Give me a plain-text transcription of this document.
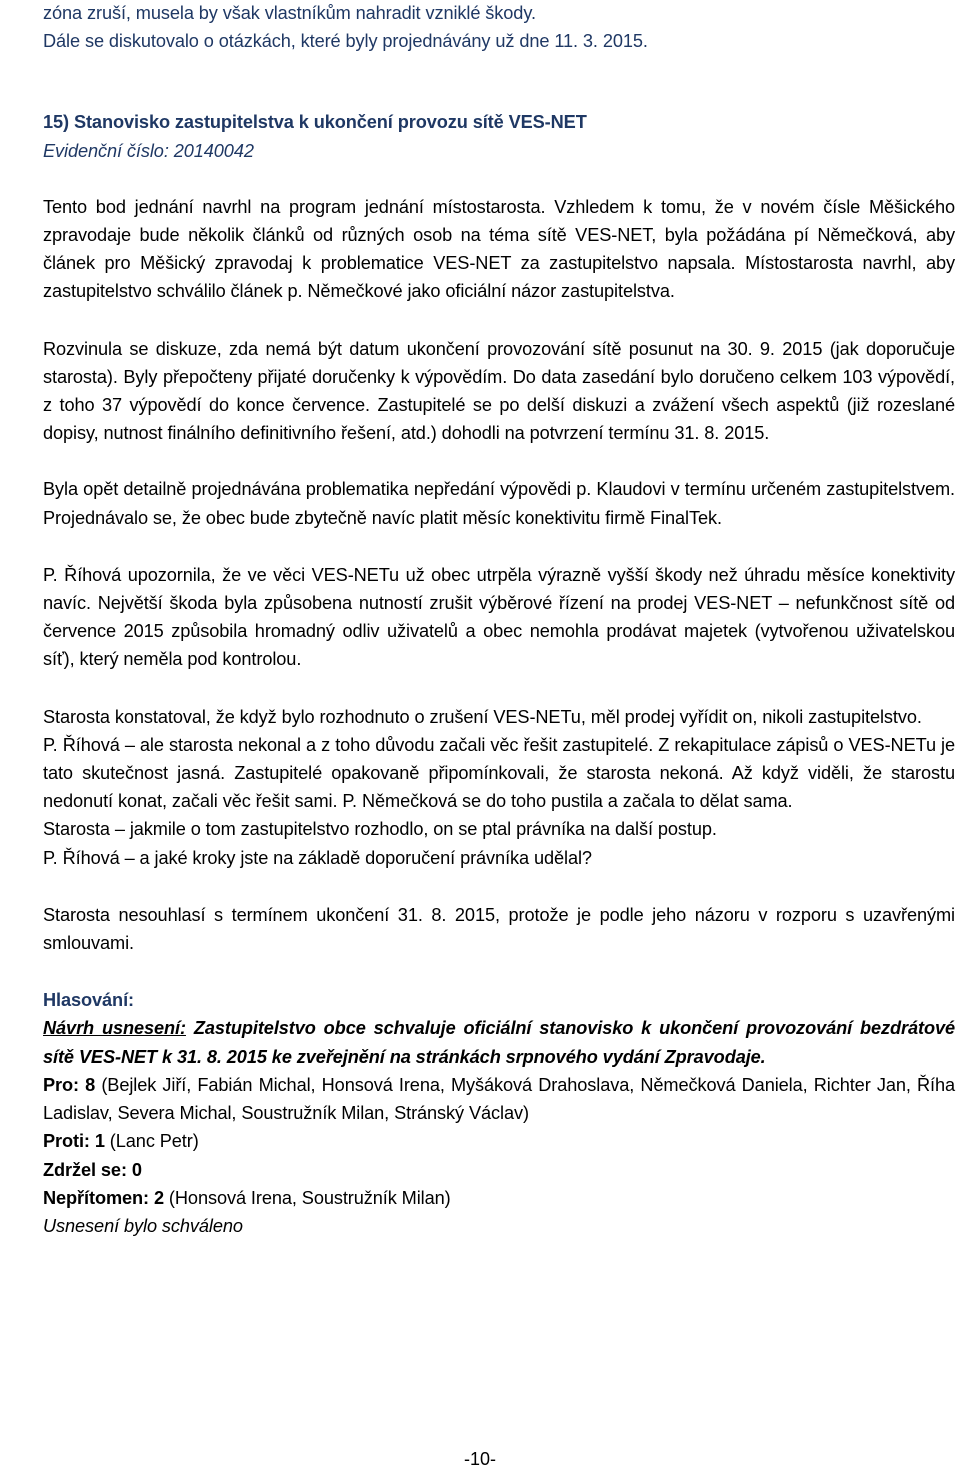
zóna zruší, musela by však vlastníkům nahradit vzniklé škody.

Dále se diskutovalo o otázkách, které byly projednávány už dne 11. 3. 2015.

15) Stanovisko zastupitelstva k ukončení provozu sítě VES-NET

Evidenční číslo: 20140042

Tento bod jednání navrhl na program jednání místostarosta. Vzhledem k tomu, že v novém čísle Měšického zpravodaje bude několik článků od různých osob na téma sítě VES-NET, byla požádána pí Němečková, aby článek pro Měšický zpravodaj k problematice VES-NET za zastupitelstvo napsala. Místostarosta navrhl, aby zastupitelstvo schválilo článek p. Němečkové jako oficiální názor zastupitelstva.

Rozvinula se diskuze, zda nemá být datum ukončení provozování sítě posunut na 30. 9. 2015 (jak doporučuje starosta). Byly přepočteny přijaté doručenky k výpovědím. Do data zasedání bylo doručeno celkem 103 výpovědí, z toho 37 výpovědí do konce července. Zastupitelé se po delší diskuzi a zvážení všech aspektů (již rozeslané dopisy, nutnost finálního definitivního řešení, atd.) dohodli na potvrzení termínu 31. 8. 2015.

Byla opět detailně projednávána problematika nepředání výpovědi p. Klaudovi v termínu určeném zastupitelstvem. Projednávalo se, že obec bude zbytečně navíc platit měsíc konektivitu firmě FinalTek.

P. Říhová upozornila, že ve věci VES-NETu už obec utrpěla výrazně vyšší škody než úhradu měsíce konektivity navíc. Největší škoda byla způsobena nutností zrušit výběrové řízení na prodej VES-NET – nefunkčnost sítě od července 2015 způsobila hromadný odliv uživatelů a obec nemohla prodávat majetek (vytvořenou uživatelskou síť), který neměla pod kontrolou.

Starosta konstatoval, že když bylo rozhodnuto o zrušení VES-NETu, měl prodej vyřídit on, nikoli zastupitelstvo.

P. Říhová – ale starosta nekonal a z toho důvodu začali věc řešit zastupitelé. Z rekapitulace zápisů o VES-NETu je tato skutečnost jasná. Zastupitelé opakovaně připomínkovali, že starosta nekoná. Až když viděli, že starostu nedonutí konat, začali věc řešit sami. P. Němečková se do toho pustila a začala to dělat sama.

Starosta – jakmile o tom zastupitelstvo rozhodlo, on se ptal právníka na další postup.

P. Říhová – a jaké kroky jste na základě doporučení právníka udělal?

Starosta nesouhlasí s termínem ukončení 31. 8. 2015, protože je podle jeho názoru v rozporu s uzavřenými smlouvami.

Hlasování:

Návrh usnesení: Zastupitelstvo obce schvaluje oficiální stanovisko k ukončení provozování bezdrátové sítě VES-NET k 31. 8. 2015 ke zveřejnění na stránkách srpnového vydání Zpravodaje.

Pro: 8 (Bejlek Jiří, Fabián Michal, Honsová Irena, Myšáková Drahoslava, Němečková Daniela, Richter Jan, Říha Ladislav, Severa Michal, Soustružník Milan, Stránský Václav)

Proti: 1 (Lanc Petr)

Zdržel se: 0

Nepřítomen: 2 (Honsová Irena, Soustružník Milan)

Usnesení bylo schváleno

-10-
